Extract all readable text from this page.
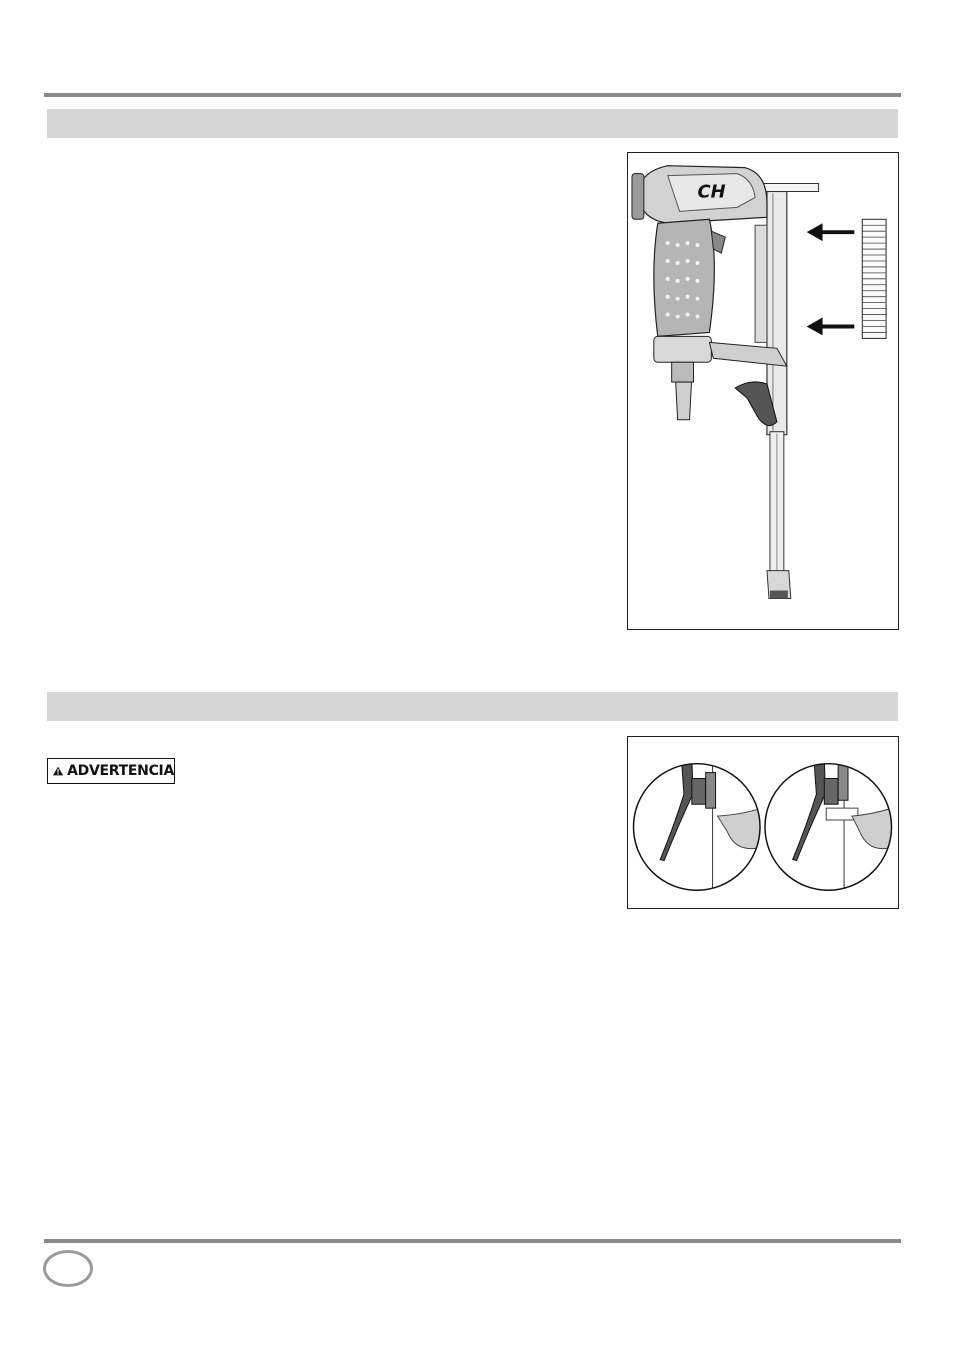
CH
ADVERTENCIA
